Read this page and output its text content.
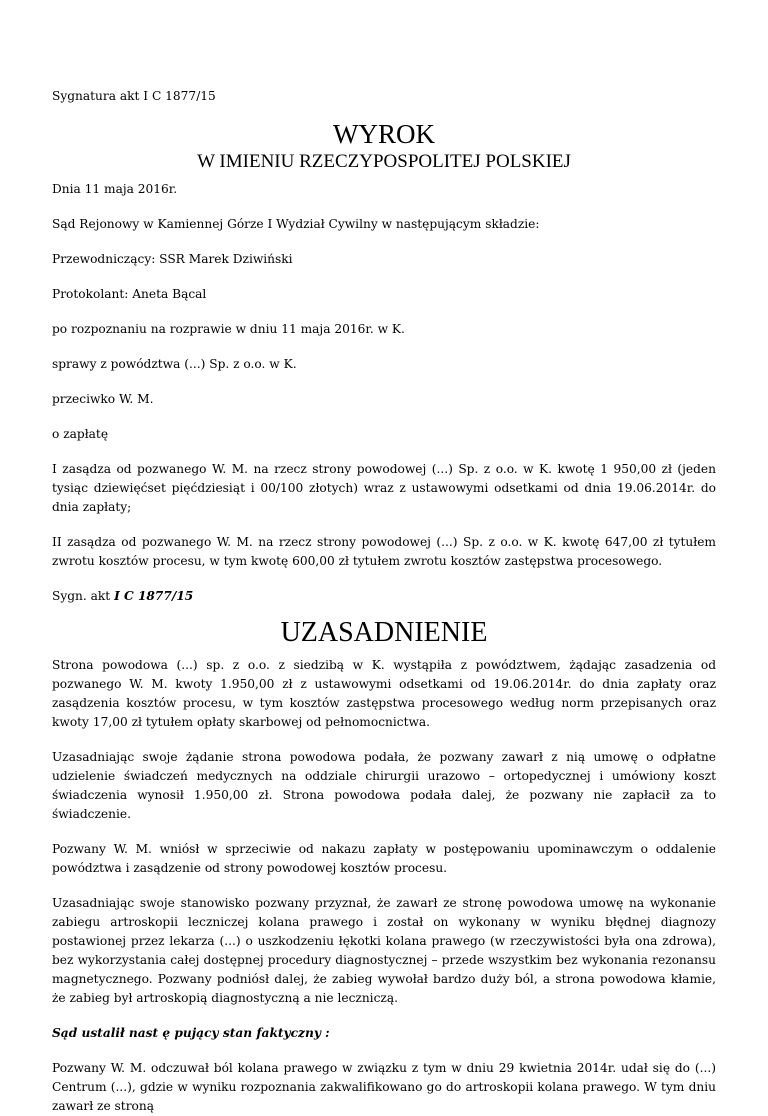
Sygnatura akt I C 1877/15

WYROK
W IMIENIU RZECZYPOSPOLITEJ POLSKIEJ

Dnia 11 maja 2016r.

Sąd Rejonowy w Kamiennej Górze I Wydział Cywilny w następującym składzie:

Przewodniczący: SSR Marek Dziwiński

Protokolant: Aneta Bącal

po rozpoznaniu na rozprawie w dniu 11 maja 2016r. w K.

sprawy z powództwa (...) Sp. z o.o. w K.

przeciwko W. M.

o zapłatę

I zasądza od pozwanego W. M. na rzecz strony powodowej (...) Sp. z o.o. w K. kwotę 1 950,00 zł (jeden tysiąc dziewięćset pięćdziesiąt i 00/100 złotych) wraz z ustawowymi odsetkami od dnia 19.06.2014r. do dnia zapłaty;

II zasądza od pozwanego W. M. na rzecz strony powodowej (...) Sp. z o.o. w K. kwotę 647,00 zł tytułem zwrotu kosztów procesu, w tym kwotę 600,00 zł tytułem zwrotu kosztów zastępstwa procesowego.

Sygn. akt I C 1877/15

UZASADNIENIE

Strona powodowa (...) sp. z o.o. z siedzibą w K. wystąpiła z powództwem, żądając zasadzenia od pozwanego W. M. kwoty 1.950,00 zł z ustawowymi odsetkami od 19.06.2014r. do dnia zapłaty oraz zasądzenia kosztów procesu, w tym kosztów zastępstwa procesowego według norm przepisanych oraz kwoty 17,00 zł tytułem opłaty skarbowej od pełnomocnictwa.

Uzasadniając swoje żądanie strona powodowa podała, że pozwany zawarł z nią umowę o odpłatne udzielenie świadczeń medycznych na oddziale chirurgii urazowo – ortopedycznej i umówiony koszt świadczenia wynosił 1.950,00 zł. Strona powodowa podała dalej, że pozwany nie zapłacił za to świadczenie.

Pozwany W. M. wniósł w sprzeciwie od nakazu zapłaty w postępowaniu upominawczym o oddalenie powództwa i zasądzenie od strony powodowej kosztów procesu.

Uzasadniając swoje stanowisko pozwany przyznał, że zawarł ze stronę powodowa umowę na wykonanie zabiegu artroskopii leczniczej kolana prawego i został on wykonany w wyniku błędnej diagnozy postawionej przez lekarza (...) o uszkodzeniu łękotki kolana prawego (w rzeczywistości była ona zdrowa), bez wykorzystania całej dostępnej procedury diagnostycznej – przede wszystkim bez wykonania rezonansu magnetycznego. Pozwany podniósł dalej, że zabieg wywołał bardzo duży ból, a strona powodowa kłamie, że zabieg był artroskopią diagnostyczną a nie leczniczą.

Sąd ustalił nast ę pujący stan faktyczny :

Pozwany W. M. odczuwał ból kolana prawego w związku z tym w dniu 29 kwietnia 2014r. udał się do (...) Centrum (...), gdzie w wyniku rozpoznania zakwalifikowano go do artroskopii kolana prawego. W tym dniu zawarł ze stroną
